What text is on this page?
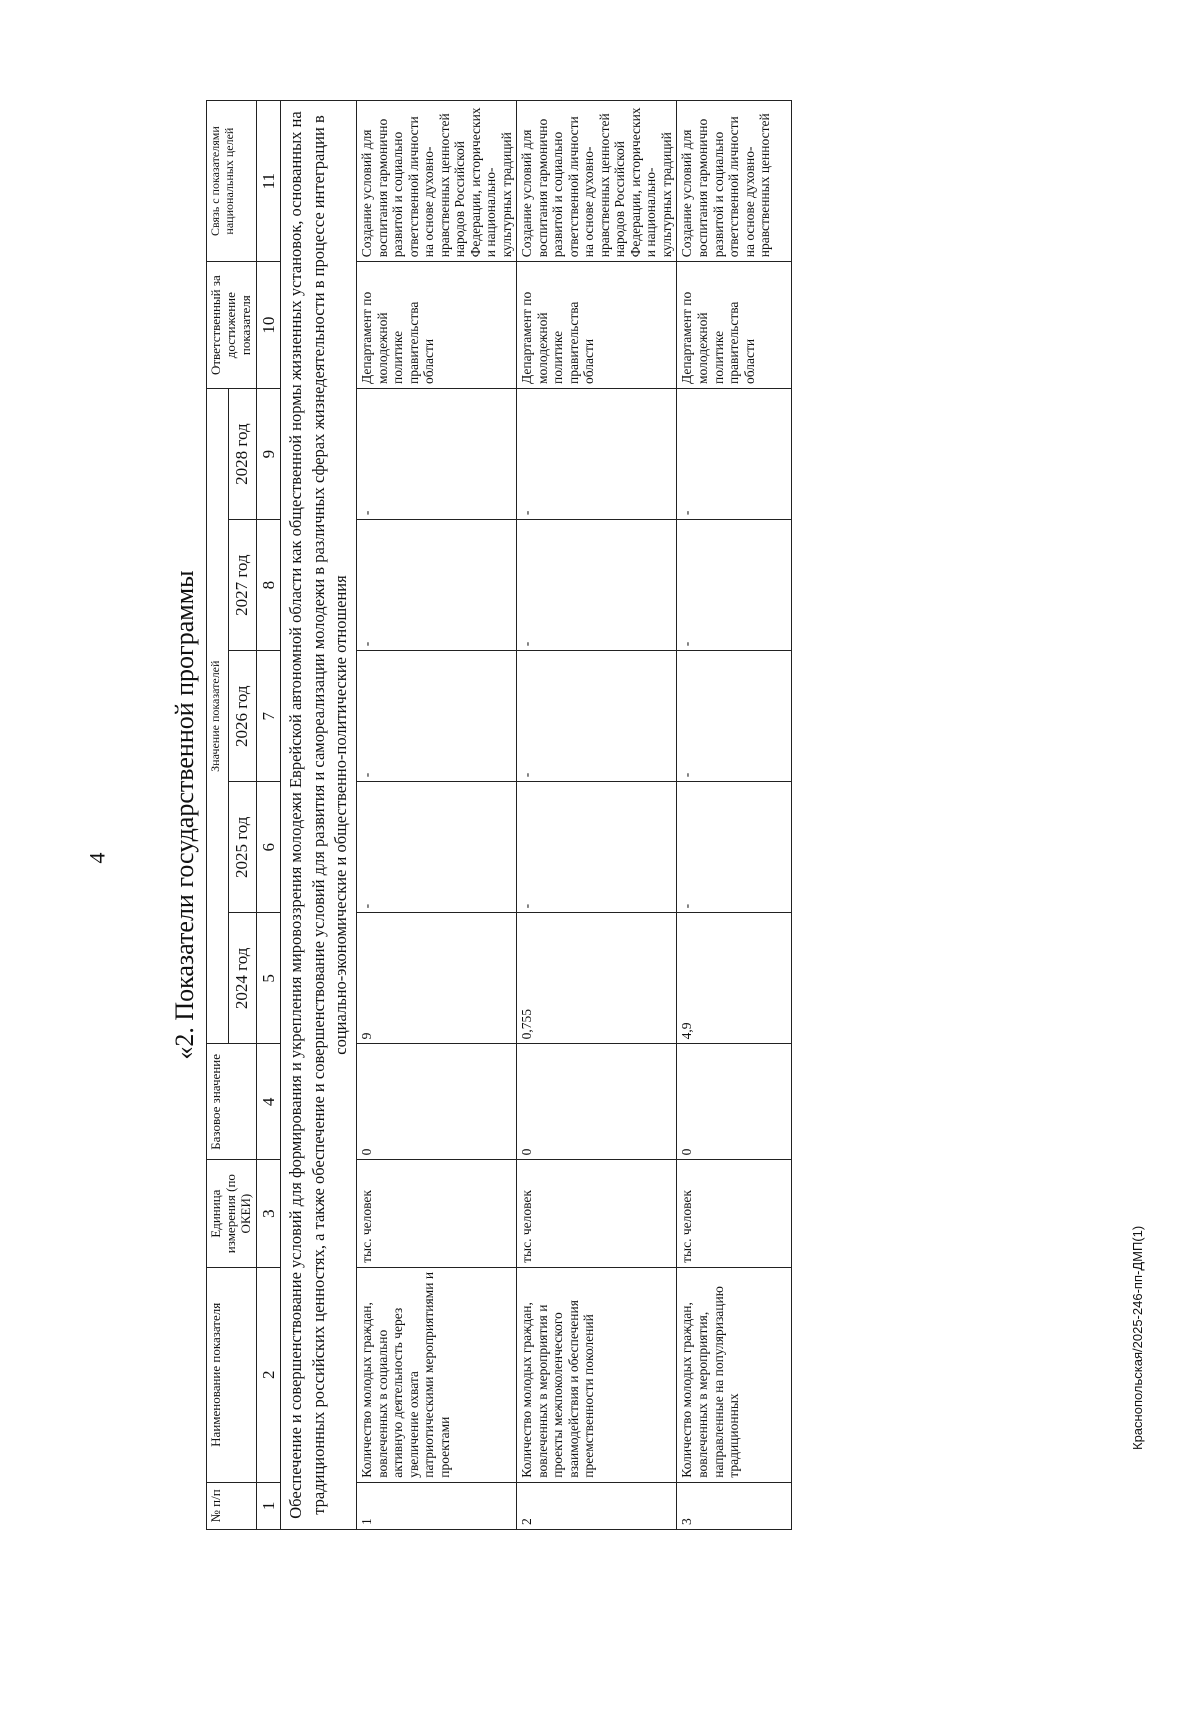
4 «2. Показатели государственной программы
№ п/п	Наименование показателя	Единица измерения (по ОКЕИ)	Базовое значение	Значение показателей					Ответственный за достижение показателя	Связь с показателями национальных целей
				2024 год	2025 год	2026 год	2027 год	2028 год		
1	2	3	4	5	6	7	8	9	10	11
Обеспечение и совершенствование условий для формирования и укрепления мировоззрения молодежи Еврейской автономной области как общественной нормы жизненных установок, основанных на традиционных российских ценностях, а также обеспечение и совершенствование условий для развития и самореализации молодежи в различных сферах жизнедеятельности в процессе интеграции в социально-экономические и общественно-политические отношения										
1	Количество молодых граждан, вовлеченных в социально активную деятельность через увеличение охвата патриотическими мероприятиями и проектами	тыс. человек	0	9	-	-	-	-	Департамент по молодежной политике правительства области	Создание условий для воспитания гармонично развитой и социально ответственной личности на основе духовно-нравственных ценностей народов Российской Федерации, исторических и национально-культурных традиций
2	Количество молодых граждан, вовлеченных в мероприятия и проекты межпоколенческого взаимодействия и обеспечения преемственности поколений	тыс. человек	0	0,755	-	-	-	-	Департамент по молодежной политике правительства области	Создание условий для воспитания гармонично развитой и социально ответственной личности на основе духовно-нравственных ценностей народов Российской Федерации, исторических и национально-культурных традиций
3	Количество молодых граждан, вовлеченных в мероприятия, направленные на популяризацию традиционных	тыс. человек	0	4,9	-	-	-	-	Департамент по молодежной политике правительства области	Создание условий для воспитания гармонично развитой и социально ответственной личности на основе духовно-нравственных ценностей
Краснопольская/2025-246-пп-ДМП(1)
